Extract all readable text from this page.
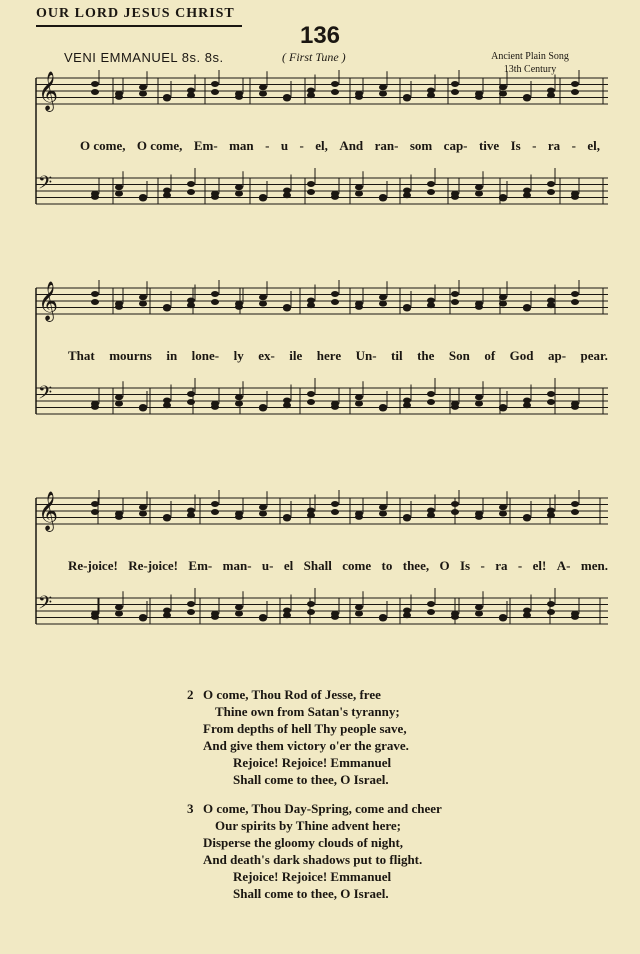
OUR LORD JESUS CHRIST
136
VENI EMMANUEL 8s. 8s.	( First Tune )	Ancient Plain Song
13th Century
𝄞
𝄢
O come, O come, Em- man - u - el, And ran- som cap- tive Is - ra - el,
𝄞
𝄢
That mourns in lone- ly ex- ile here Un- til the Son of God ap- pear.
𝄞
𝄢
Re-joice! Re-joice! Em- man- u- el Shall come to thee, O Is - ra - el! A- men.
2 O come, Thou Rod of Jesse, free
Thine own from Satan's tyranny;
From depths of hell Thy people save,
And give them victory o'er the grave.
Rejoice! Rejoice! Emmanuel
Shall come to thee, O Israel.
3 O come, Thou Day-Spring, come and cheer
Our spirits by Thine advent here;
Disperse the gloomy clouds of night,
And death's dark shadows put to flight.
Rejoice! Rejoice! Emmanuel
Shall come to thee, O Israel.
